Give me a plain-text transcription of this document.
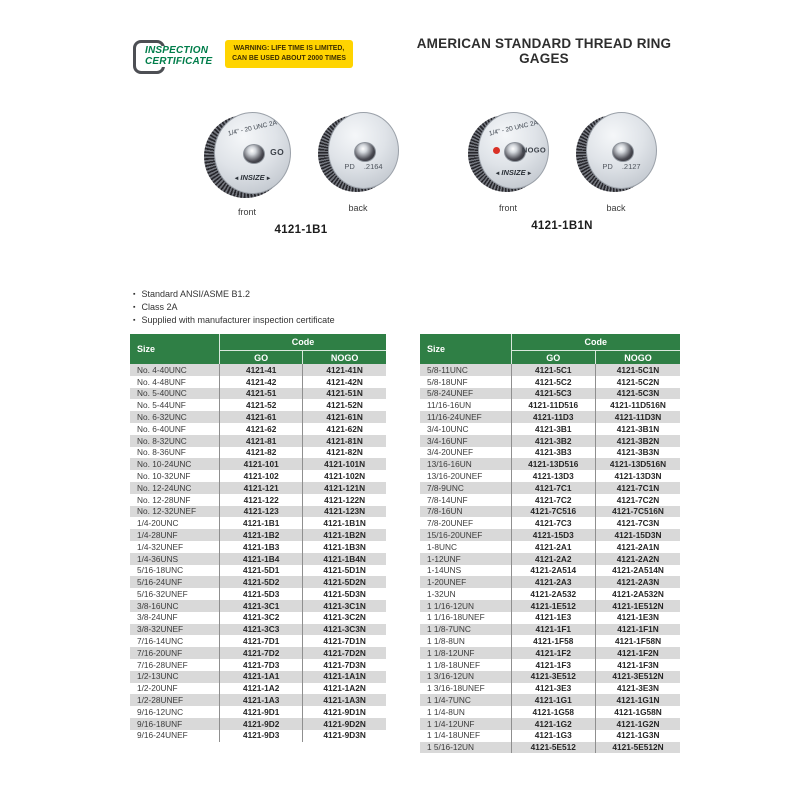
INSPECTION
CERTIFICATE
WARNING: LIFE TIME IS LIMITED,
CAN BE USED ABOUT 2000 TIMES
AMERICAN STANDARD THREAD RING GAGES
1/4" - 20 UNC 2A
GO
◄ INSIZE ►
front
PD .2164
back
4121-1B1
1/4" - 20 UNC 2A
NOGO
◄ INSIZE ►
front
PD .2127
back
4121-1B1N
▪ Standard ANSI/ASME B1.2
▪ Class 2A
▪ Supplied with manufacturer inspection certificate
Size	Code	
	GO	NOGO
No. 4-40UNC	4121-41	4121-41N
No. 4-48UNF	4121-42	4121-42N
No. 5-40UNC	4121-51	4121-51N
No. 5-44UNF	4121-52	4121-52N
No. 6-32UNC	4121-61	4121-61N
No. 6-40UNF	4121-62	4121-62N
No. 8-32UNC	4121-81	4121-81N
No. 8-36UNF	4121-82	4121-82N
No. 10-24UNC	4121-101	4121-101N
No. 10-32UNF	4121-102	4121-102N
No. 12-24UNC	4121-121	4121-121N
No. 12-28UNF	4121-122	4121-122N
No. 12-32UNEF	4121-123	4121-123N
1/4-20UNC	4121-1B1	4121-1B1N
1/4-28UNF	4121-1B2	4121-1B2N
1/4-32UNEF	4121-1B3	4121-1B3N
1/4-36UNS	4121-1B4	4121-1B4N
5/16-18UNC	4121-5D1	4121-5D1N
5/16-24UNF	4121-5D2	4121-5D2N
5/16-32UNEF	4121-5D3	4121-5D3N
3/8-16UNC	4121-3C1	4121-3C1N
3/8-24UNF	4121-3C2	4121-3C2N
3/8-32UNEF	4121-3C3	4121-3C3N
7/16-14UNC	4121-7D1	4121-7D1N
7/16-20UNF	4121-7D2	4121-7D2N
7/16-28UNEF	4121-7D3	4121-7D3N
1/2-13UNC	4121-1A1	4121-1A1N
1/2-20UNF	4121-1A2	4121-1A2N
1/2-28UNEF	4121-1A3	4121-1A3N
9/16-12UNC	4121-9D1	4121-9D1N
9/16-18UNF	4121-9D2	4121-9D2N
9/16-24UNEF	4121-9D3	4121-9D3N
Size	Code	
	GO	NOGO
5/8-11UNC	4121-5C1	4121-5C1N
5/8-18UNF	4121-5C2	4121-5C2N
5/8-24UNEF	4121-5C3	4121-5C3N
11/16-16UN	4121-11D516	4121-11D516N
11/16-24UNEF	4121-11D3	4121-11D3N
3/4-10UNC	4121-3B1	4121-3B1N
3/4-16UNF	4121-3B2	4121-3B2N
3/4-20UNEF	4121-3B3	4121-3B3N
13/16-16UN	4121-13D516	4121-13D516N
13/16-20UNEF	4121-13D3	4121-13D3N
7/8-9UNC	4121-7C1	4121-7C1N
7/8-14UNF	4121-7C2	4121-7C2N
7/8-16UN	4121-7C516	4121-7C516N
7/8-20UNEF	4121-7C3	4121-7C3N
15/16-20UNEF	4121-15D3	4121-15D3N
1-8UNC	4121-2A1	4121-2A1N
1-12UNF	4121-2A2	4121-2A2N
1-14UNS	4121-2A514	4121-2A514N
1-20UNEF	4121-2A3	4121-2A3N
1-32UN	4121-2A532	4121-2A532N
1 1/16-12UN	4121-1E512	4121-1E512N
1 1/16-18UNEF	4121-1E3	4121-1E3N
1 1/8-7UNC	4121-1F1	4121-1F1N
1 1/8-8UN	4121-1F58	4121-1F58N
1 1/8-12UNF	4121-1F2	4121-1F2N
1 1/8-18UNEF	4121-1F3	4121-1F3N
1 3/16-12UN	4121-3E512	4121-3E512N
1 3/16-18UNEF	4121-3E3	4121-3E3N
1 1/4-7UNC	4121-1G1	4121-1G1N
1 1/4-8UN	4121-1G58	4121-1G58N
1 1/4-12UNF	4121-1G2	4121-1G2N
1 1/4-18UNEF	4121-1G3	4121-1G3N
1 5/16-12UN	4121-5E512	4121-5E512N
